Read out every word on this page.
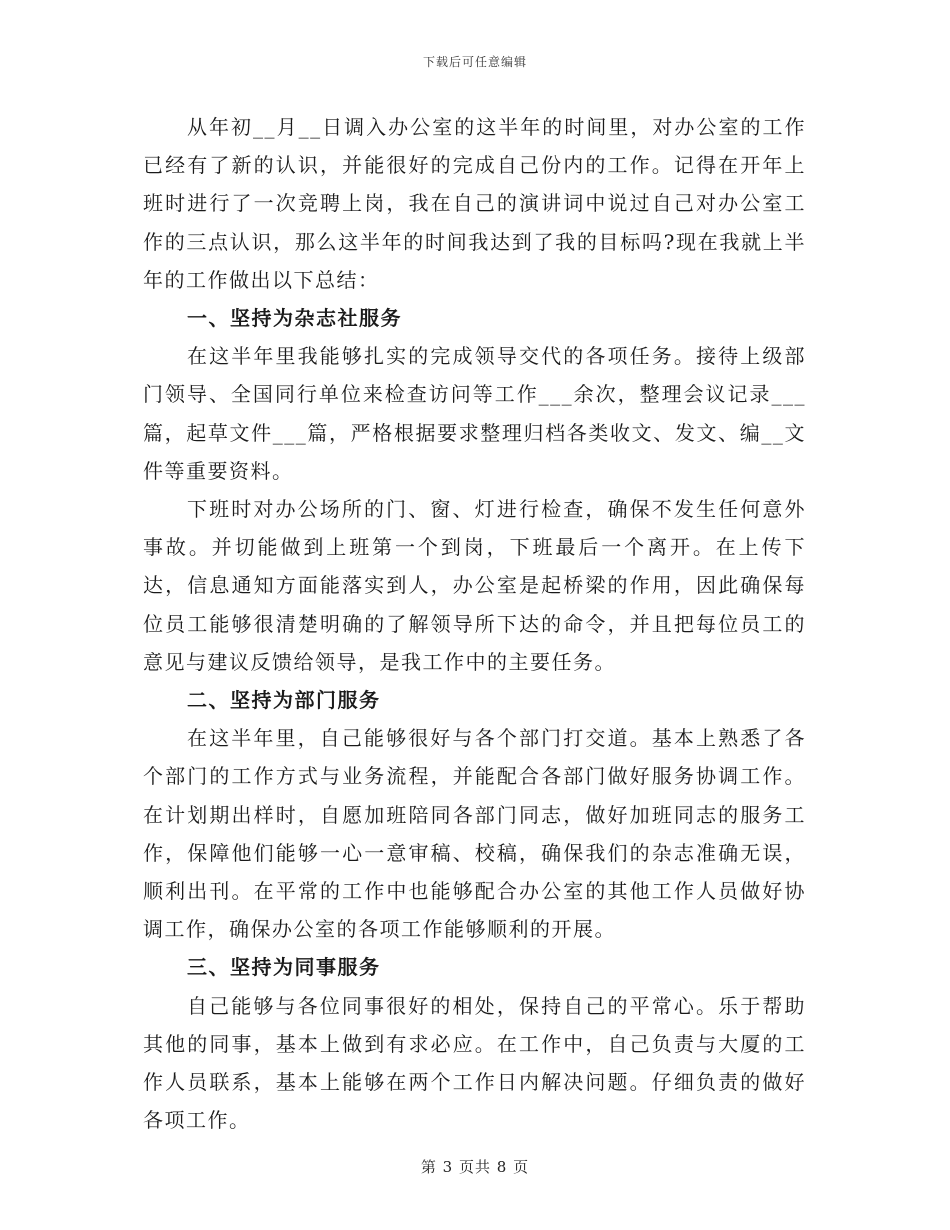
下载后可任意编辑

从年初__月__日调入办公室的这半年的时间里，对办公室的工作已经有了新的认识，并能很好的完成自己份内的工作。记得在开年上班时进行了一次竞聘上岗，我在自己的演讲词中说过自己对办公室工作的三点认识，那么这半年的时间我达到了我的目标吗?现在我就上半年的工作做出以下总结：

一、坚持为杂志社服务

在这半年里我能够扎实的完成领导交代的各项任务。接待上级部门领导、全国同行单位来检查访问等工作___余次，整理会议记录___篇，起草文件___篇，严格根据要求整理归档各类收文、发文、编__文件等重要资料。

下班时对办公场所的门、窗、灯进行检查，确保不发生任何意外事故。并切能做到上班第一个到岗，下班最后一个离开。在上传下达，信息通知方面能落实到人，办公室是起桥梁的作用，因此确保每位员工能够很清楚明确的了解领导所下达的命令，并且把每位员工的意见与建议反馈给领导，是我工作中的主要任务。

二、坚持为部门服务

在这半年里，自己能够很好与各个部门打交道。基本上熟悉了各个部门的工作方式与业务流程，并能配合各部门做好服务协调工作。在计划期出样时，自愿加班陪同各部门同志，做好加班同志的服务工作，保障他们能够一心一意审稿、校稿，确保我们的杂志准确无误，顺利出刊。在平常的工作中也能够配合办公室的其他工作人员做好协调工作，确保办公室的各项工作能够顺利的开展。

三、坚持为同事服务

自己能够与各位同事很好的相处，保持自己的平常心。乐于帮助其他的同事，基本上做到有求必应。在工作中，自己负责与大厦的工作人员联系，基本上能够在两个工作日内解决问题。仔细负责的做好各项工作。

第 3 页共 8 页
